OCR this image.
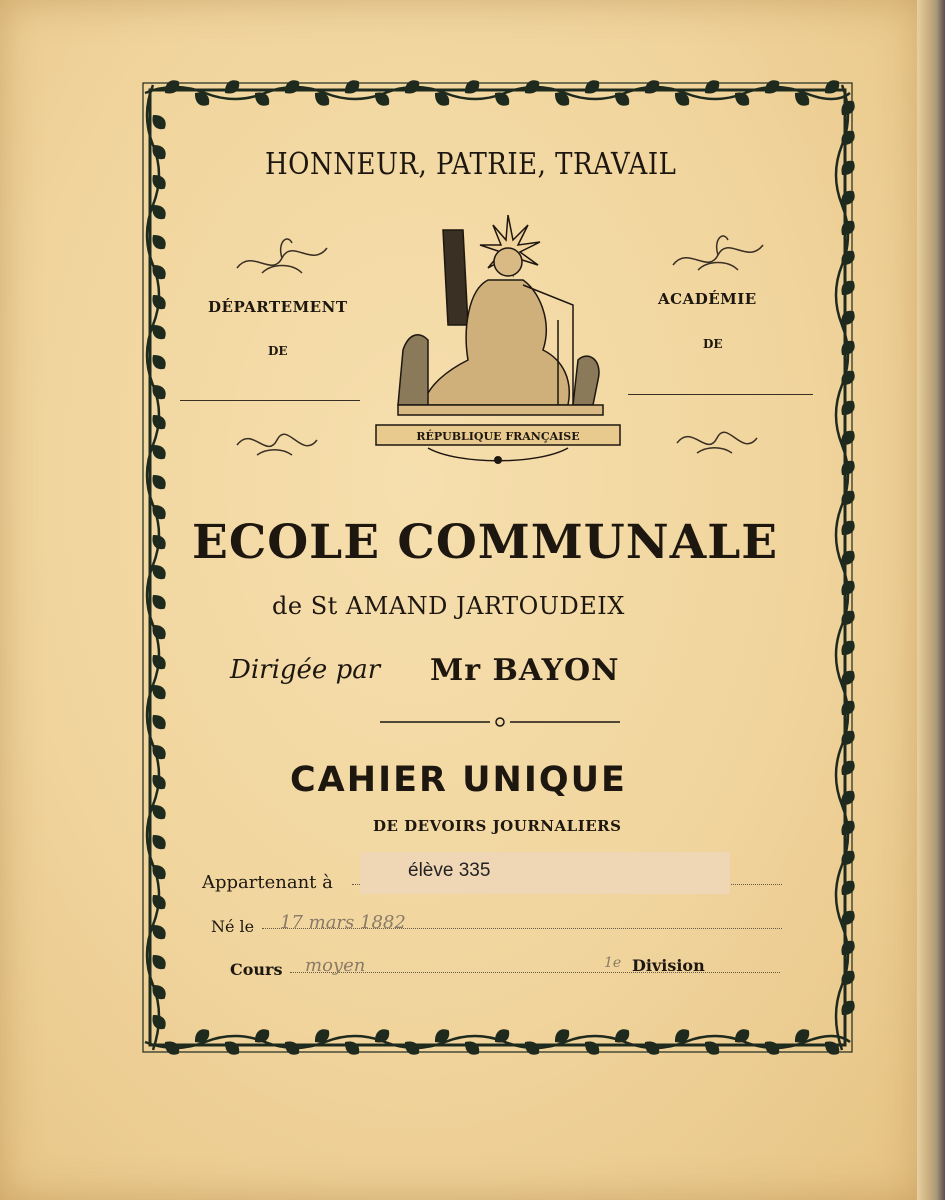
HONNEUR, PATRIE, TRAVAIL
DÉPARTEMENT
DE
ACADÉMIE
DE
RÉPUBLIQUE FRANÇAISE
ECOLE COMMUNALE
de St AMAND JARTOUDEIX
Dirigée par Mr BAYON
CAHIER UNIQUE
DE DEVOIRS JOURNALIERS
Appartenant à
élève 335
Né le 17 mars 1882
Cours moyen	1e Division
